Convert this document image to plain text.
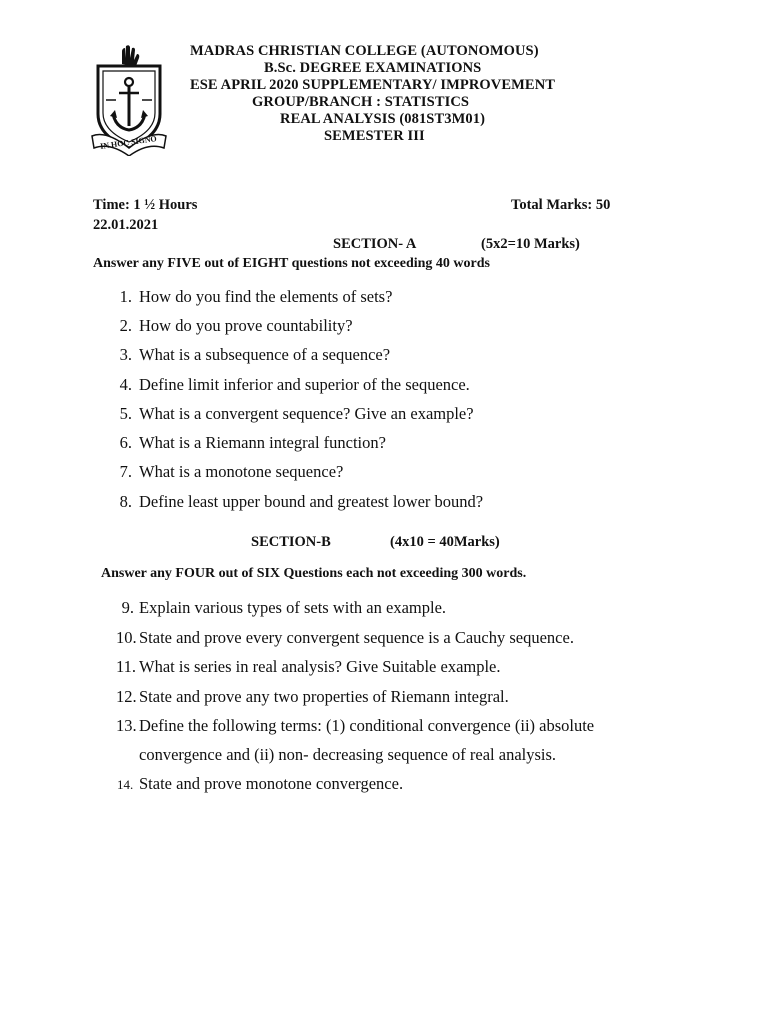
IN HOC SIGNO
MADRAS CHRISTIAN COLLEGE (AUTONOMOUS)
B.Sc. DEGREE EXAMINATIONS
ESE APRIL 2020 SUPPLEMENTARY/ IMPROVEMENT
GROUP/BRANCH : STATISTICS
REAL ANALYSIS (081ST3M01)
SEMESTER III
Time: 1 ½ Hours	Total Marks: 50
22.01.2021
SECTION- A	(5x2=10 Marks)
Answer any FIVE out of EIGHT questions not exceeding 40 words
1. How do you find the elements of sets?
2. How do you prove countability?
3. What is a subsequence of a sequence?
4. Define limit inferior and superior of the sequence.
5. What is a convergent sequence? Give an example?
6. What is a Riemann integral function?
7. What is a monotone sequence?
8. Define least upper bound and greatest lower bound?
SECTION-B	(4x10 = 40Marks)
Answer any FOUR out of SIX Questions each not exceeding 300 words.
9. Explain various types of sets with an example.
10. State and prove every convergent sequence is a Cauchy sequence.
11. What is series in real analysis? Give Suitable example.
12. State and prove any two properties of Riemann integral.
13. Define the following terms: (1) conditional convergence (ii) absolute
convergence and (ii) non- decreasing sequence of real analysis.
14. State and prove monotone convergence.
